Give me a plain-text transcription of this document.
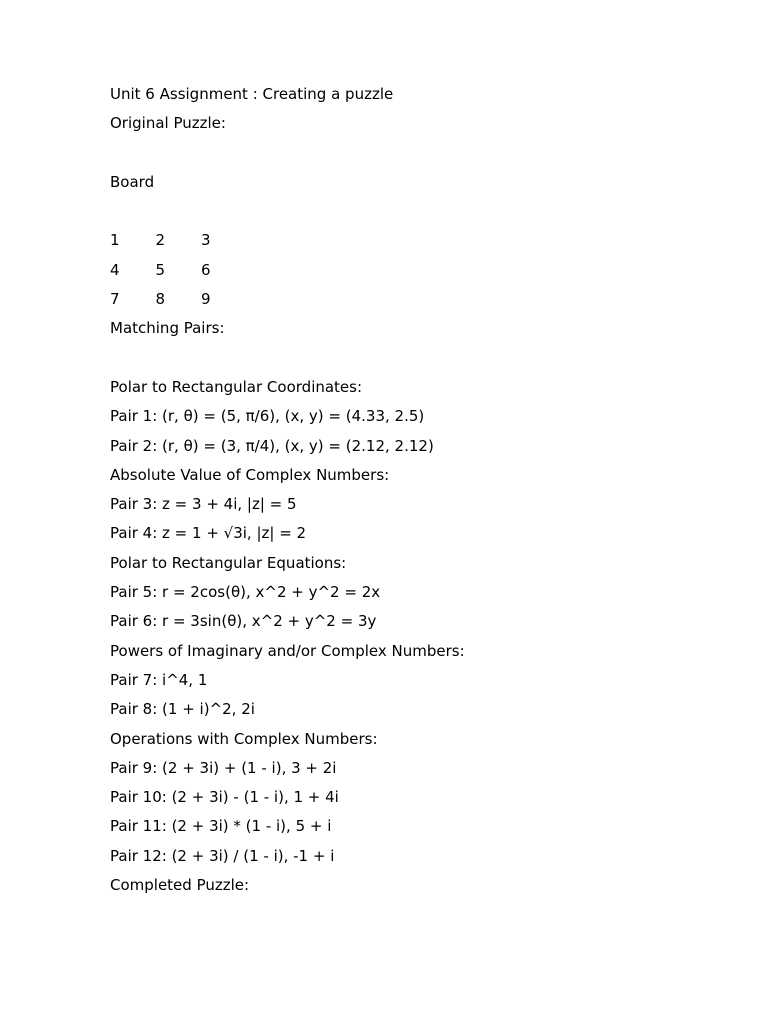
Unit 6 Assignment : Creating a puzzle
Original Puzzle:
Board
1	2	3
4	5	6
7	8	9
Matching Pairs:
Polar to Rectangular Coordinates:
Pair 1: (r, θ) = (5, π/6), (x, y) = (4.33, 2.5)
Pair 2: (r, θ) = (3, π/4), (x, y) = (2.12, 2.12)
Absolute Value of Complex Numbers:
Pair 3: z = 3 + 4i, |z| = 5
Pair 4: z = 1 + √3i, |z| = 2
Polar to Rectangular Equations:
Pair 5: r = 2cos(θ), x^2 + y^2 = 2x
Pair 6: r = 3sin(θ), x^2 + y^2 = 3y
Powers of Imaginary and/or Complex Numbers:
Pair 7: i^4, 1
Pair 8: (1 + i)^2, 2i
Operations with Complex Numbers:
Pair 9: (2 + 3i) + (1 - i), 3 + 2i
Pair 10: (2 + 3i) - (1 - i), 1 + 4i
Pair 11: (2 + 3i) * (1 - i), 5 + i
Pair 12: (2 + 3i) / (1 - i), -1 + i
Completed Puzzle:
